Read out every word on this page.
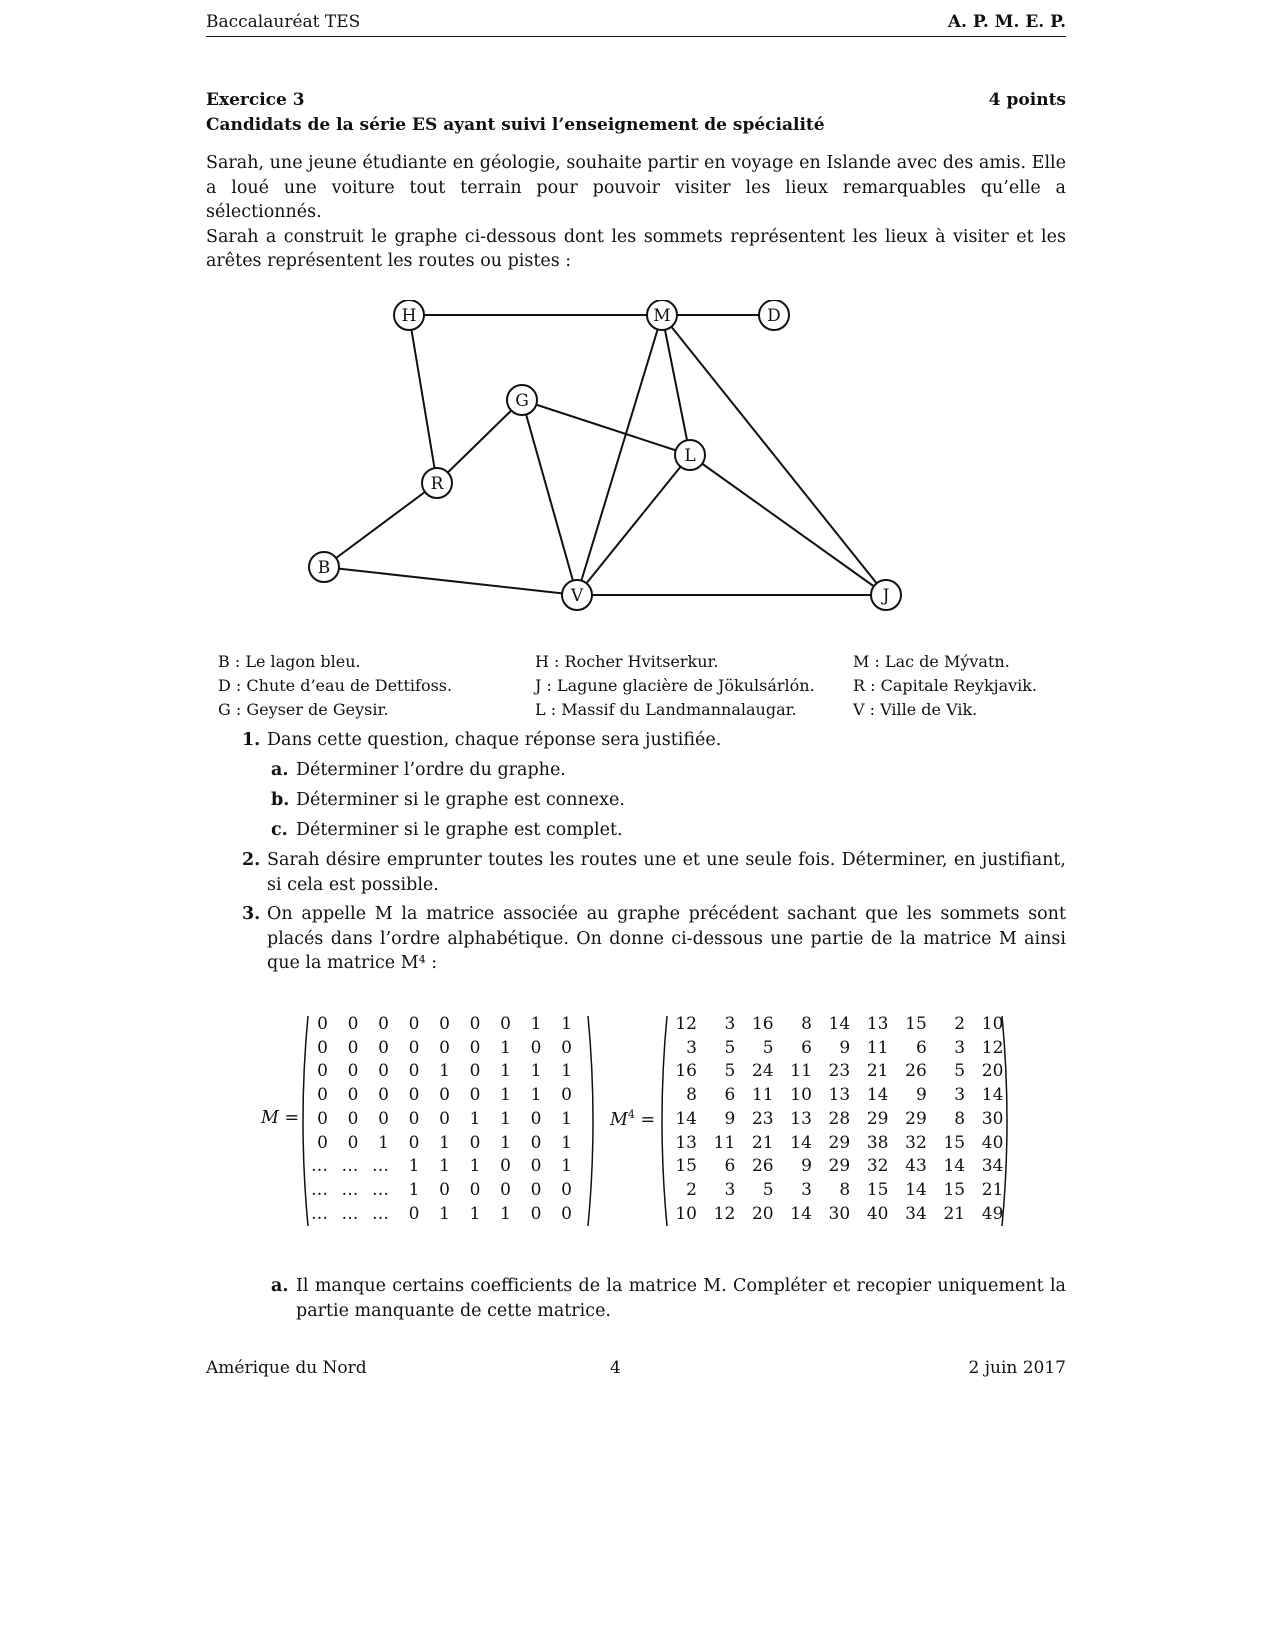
Baccalauréat TES	A. P. M. E. P.
Exercice 3	4 points
Candidats de la série ES ayant suivi l’enseignement de spécialité

Sarah, une jeune étudiante en géologie, souhaite partir en voyage en Islande avec des amis. Elle a loué une voiture tout terrain pour pouvoir visiter les lieux remarquables qu’elle a sélectionnés.

Sarah a construit le graphe ci-dessous dont les sommets représentent les lieux à visiter et les arêtes représentent les routes ou pistes :

H	M	D
G
L
R
B
V	J
B : Le lagon bleu.
D : Chute d’eau de Dettifoss.
G : Geyser de Geysir.
H : Rocher Hvitserkur.
J : Lagune glacière de Jökulsárlón.
L : Massif du Landmannalaugar.
M : Lac de Mývatn.
R : Capitale Reykjavik.
V : Ville de Vik.
1. Dans cette question, chaque réponse sera justifiée.
a. Déterminer l’ordre du graphe.
b. Déterminer si le graphe est connexe.
c. Déterminer si le graphe est complet.
2. Sarah désire emprunter toutes les routes une et une seule fois. Déterminer, en justifiant, si cela est possible.
3. On appelle M la matrice associée au graphe précédent sachant que les sommets sont placés dans l’ordre alphabétique. On donne ci-dessous une partie de la matrice M ainsi que la matrice M⁴ :
a. Il manque certains coefficients de la matrice M. Compléter et recopier uniquement la partie manquante de cette matrice.
M =
0	0	0	0	0	0	0	1	1
0	0	0	0	0	0	1	0	0
0	0	0	0	1	0	1	1	1
0	0	0	0	0	0	1	1	0
0	0	0	0	0	1	1	0	1
0	0	1	0	1	0	1	0	1
… … …	1	1	1	0	0	1
… … …	1	0	0	0	0	0
… … …	0	1	1	1	0	0
$M^4$ =
12	3 16	8 14 13 15	2 10
3	5	5	6	9 11	6	3 12
16	5 24 11 23 21 26	5 20
8	6 11 10 13 14	9	3 14
14	9 23 13 28 29 29	8 30
13 11 21 14 29 38 32 15 40
15	6 26	9 29 32 43 14 34
2	3	5	3	8 15 14 15 21
10 12 20 14 30 40 34 21 49
Amérique du Nord	4	2 juin 2017
